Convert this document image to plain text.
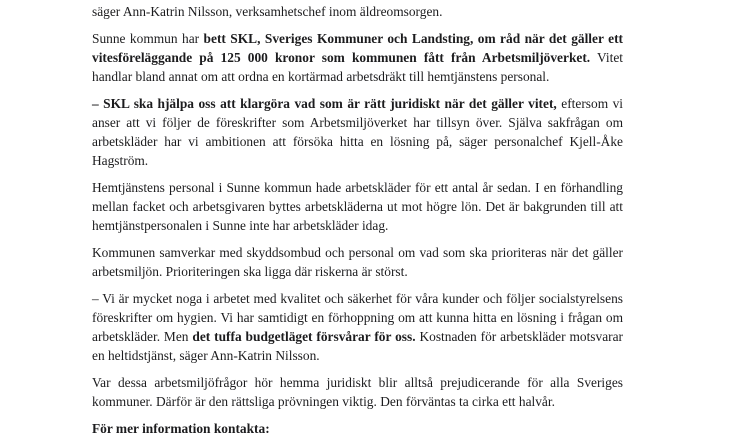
säger Ann-Katrin Nilsson, verksamhetschef inom äldreomsorgen.

Sunne kommun har bett SKL, Sveriges Kommuner och Landsting, om råd när det gäller ett vitesföreläggande på 125 000 kronor som kommunen fått från Arbetsmiljöverket. Vitet handlar bland annat om att ordna en kortärmad arbetsdräkt till hemtjänstens personal.

– SKL ska hjälpa oss att klargöra vad som är rätt juridiskt när det gäller vitet, eftersom vi anser att vi följer de föreskrifter som Arbetsmiljöverket har tillsyn över. Själva sakfrågan om arbetskläder har vi ambitionen att försöka hitta en lösning på, säger personalchef Kjell-Åke Hagström.

Hemtjänstens personal i Sunne kommun hade arbetskläder för ett antal år sedan. I en förhandling mellan facket och arbetsgivaren byttes arbetskläderna ut mot högre lön. Det är bakgrunden till att hemtjänstpersonalen i Sunne inte har arbetskläder idag.

Kommunen samverkar med skyddsombud och personal om vad som ska prioriteras när det gäller arbetsmiljön. Prioriteringen ska ligga där riskerna är störst.

– Vi är mycket noga i arbetet med kvalitet och säkerhet för våra kunder och följer socialstyrelsens föreskrifter om hygien. Vi har samtidigt en förhoppning om att kunna hitta en lösning i frågan om arbetskläder. Men det tuffa budgetläget försvårar för oss. Kostnaden för arbetskläder motsvarar en heltidstjänst, säger Ann-Katrin Nilsson.

Var dessa arbetsmiljöfrågor hör hemma juridiskt blir alltså prejudicerande för alla Sveriges kommuner. Därför är den rättsliga prövningen viktig. Den förväntas ta cirka ett halvår.

För mer information kontakta:
